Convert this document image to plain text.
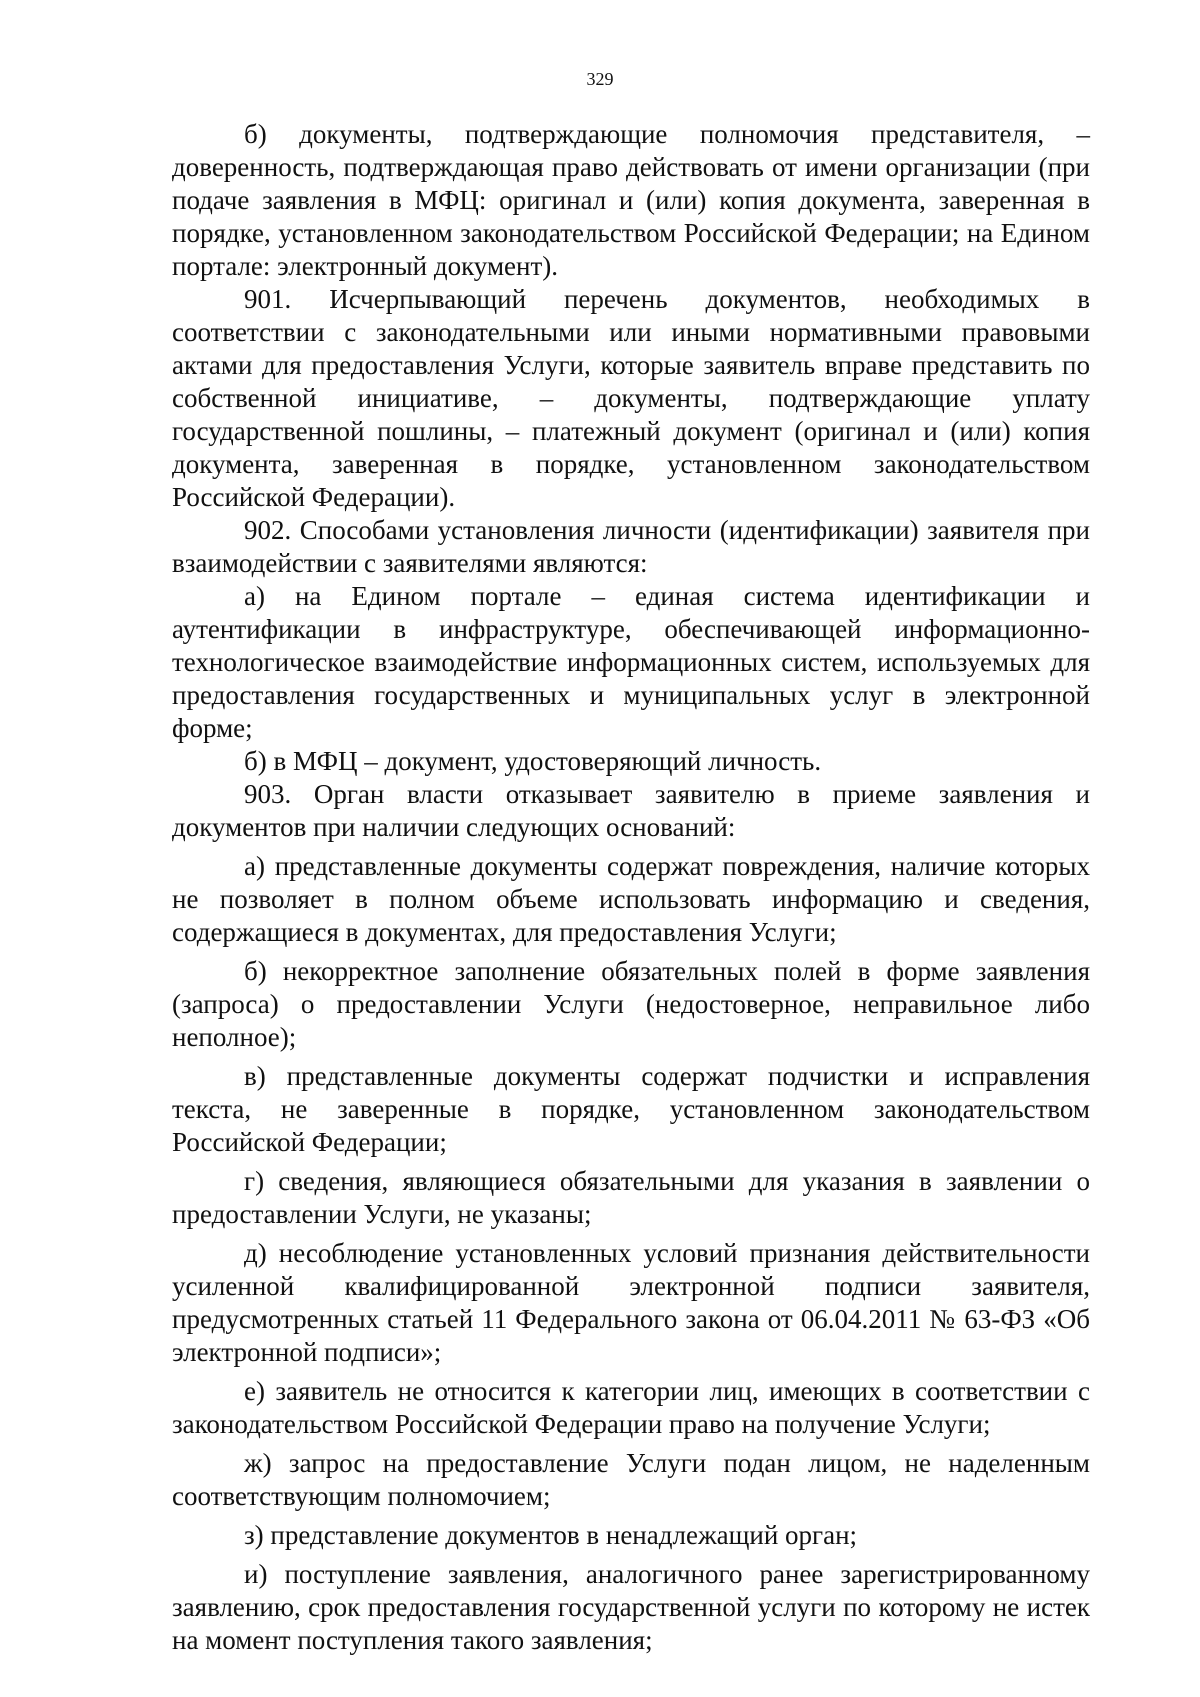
329

б) документы, подтверждающие полномочия представителя, – доверенность, подтверждающая право действовать от имени организации (при подаче заявления в МФЦ: оригинал и (или) копия документа, заверенная в порядке, установленном законодательством Российской Федерации; на Едином портале: электронный документ).

901. Исчерпывающий перечень документов, необходимых в соответствии с законодательными или иными нормативными правовыми актами для предоставления Услуги, которые заявитель вправе представить по собственной инициативе, – документы, подтверждающие уплату государственной пошлины, – платежный документ (оригинал и (или) копия документа, заверенная в порядке, установленном законодательством Российской Федерации).

902. Способами установления личности (идентификации) заявителя при взаимодействии с заявителями являются:

а) на Едином портале – единая система идентификации и аутентификации в инфраструктуре, обеспечивающей информационно-технологическое взаимодействие информационных систем, используемых для предоставления государственных и муниципальных услуг в электронной форме;

б) в МФЦ – документ, удостоверяющий личность.

903. Орган власти отказывает заявителю в приеме заявления и документов при наличии следующих оснований:

а) представленные документы содержат повреждения, наличие которых не позволяет в полном объеме использовать информацию и сведения, содержащиеся в документах, для предоставления Услуги;

б) некорректное заполнение обязательных полей в форме заявления (запроса) о предоставлении Услуги (недостоверное, неправильное либо неполное);

в) представленные документы содержат подчистки и исправления текста, не заверенные в порядке, установленном законодательством Российской Федерации;

г) сведения, являющиеся обязательными для указания в заявлении о предоставлении Услуги, не указаны;

д) несоблюдение установленных условий признания действительности усиленной квалифицированной электронной подписи заявителя, предусмотренных статьей 11 Федерального закона от 06.04.2011 № 63-ФЗ «Об электронной подписи»;

е) заявитель не относится к категории лиц, имеющих в соответствии с законодательством Российской Федерации право на получение Услуги;

ж) запрос на предоставление Услуги подан лицом, не наделенным соответствующим полномочием;

з) представление документов в ненадлежащий орган;

и) поступление заявления, аналогичного ранее зарегистрированному заявлению, срок предоставления государственной услуги по которому не истек на момент поступления такого заявления;
